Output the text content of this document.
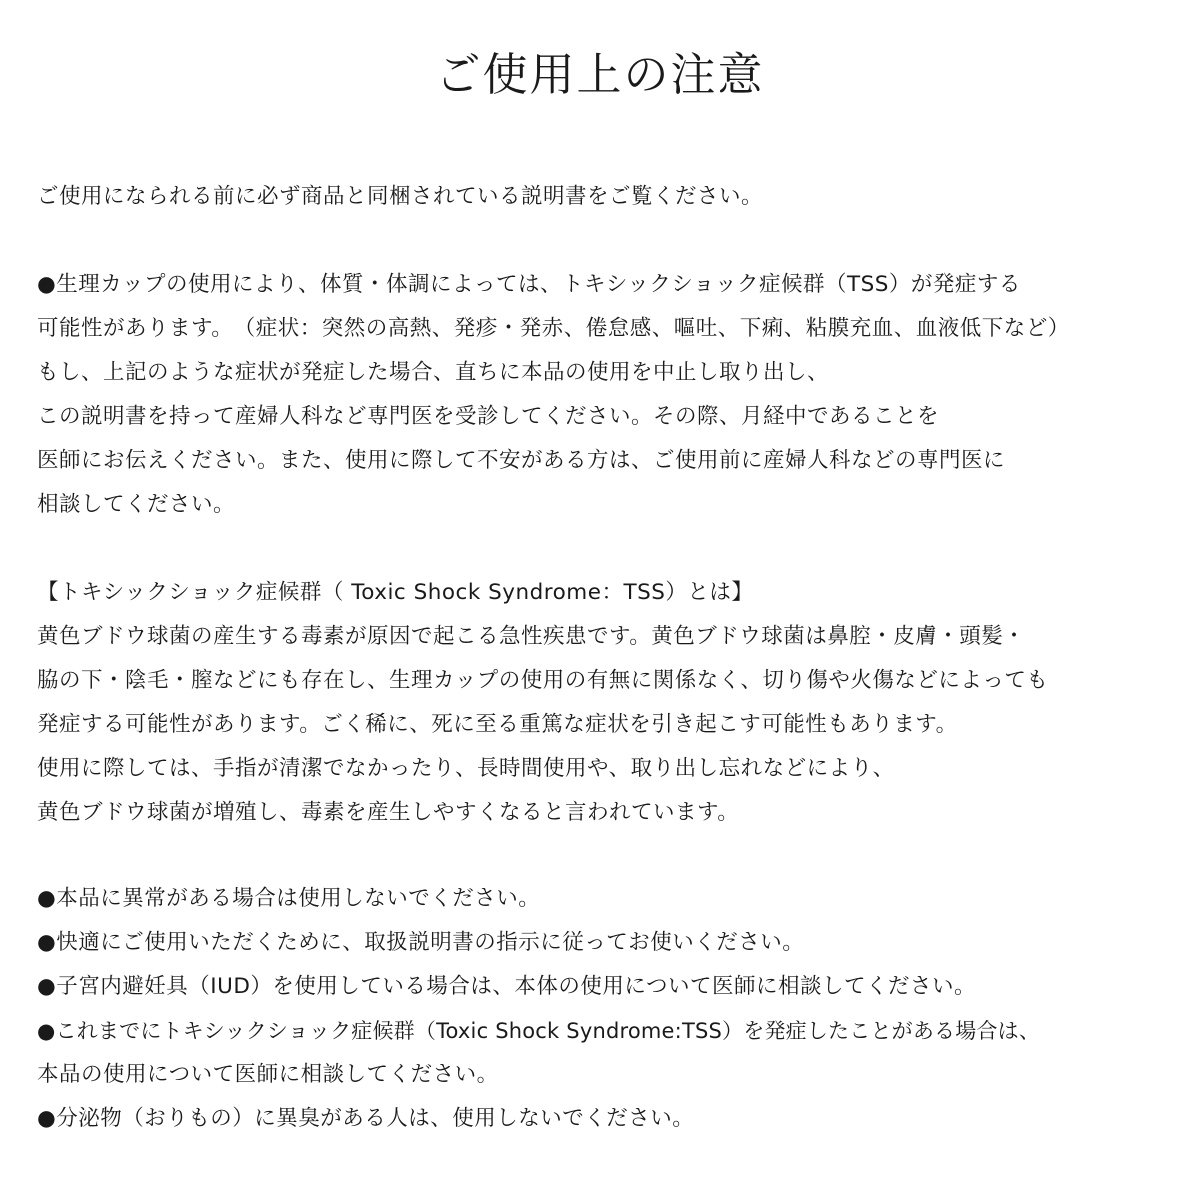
ご使用上の注意
ご使用になられる前に必ず商品と同梱されている説明書をご覧ください。
●生理カップの使用により、体質・体調によっては、トキシックショック症候群（TSS）が発症する
可能性があります。　（症状：突然の高熱、発疹・発赤、倦怠感、嘔吐、下痢、粘膜充血、血液低下など）
もし、上記のような症状が発症した場合、直ちに本品の使用を中止し取り出し、
この説明書を持って産婦人科など専門医を受診してください。その際、月経中であることを
医師にお伝えください。また、使用に際して不安がある方は、ご使用前に産婦人科などの専門医に
相談してください。
【トキシックショック症候群（ Toxic Shock Syndrome：TSS）とは】
黄色ブドウ球菌の産生する毒素が原因で起こる急性疾患です。黄色ブドウ球菌は鼻腔・皮膚・頭髪・
脇の下・陰毛・膣などにも存在し、生理カップの使用の有無に関係なく、切り傷や火傷などによっても
発症する可能性があります。ごく稀に、死に至る重篤な症状を引き起こす可能性もあります。
使用に際しては、手指が清潔でなかったり、長時間使用や、取り出し忘れなどにより、
黄色ブドウ球菌が増殖し、毒素を産生しやすくなると言われています。
●本品に異常がある場合は使用しないでください。
●快適にご使用いただくために、取扱説明書の指示に従ってお使いください。
●子宮内避妊具（IUD）を使用している場合は、本体の使用について医師に相談してください。
●これまでにトキシックショック症候群（Toxic Shock Syndrome:TSS）を発症したことがある場合は、
本品の使用について医師に相談してください。
●分泌物（おりもの）に異臭がある人は、使用しないでください。
